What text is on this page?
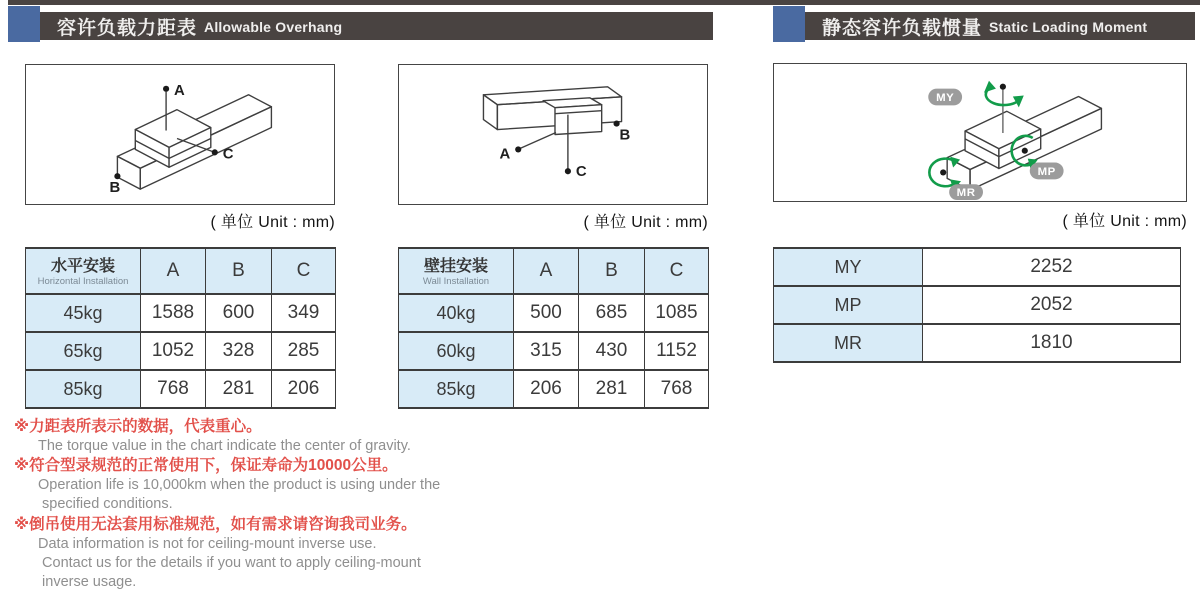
容许负载力距表 Allowable Overhang
A
B
C
( 单位 Unit : mm)
A
B
C
( 单位 Unit : mm)
水平安装
Horizontal Installation	A	B	C
45kg	1588	600	349
65kg	1052	328	285
85kg	768	281	206
壁挂安装
Wall Installation	A	B	C
40kg	500	685	1085
60kg	315	430	1152
85kg	206	281	768
※力距表所表示的数据，代表重心。
The torque value in the chart indicate the center of gravity.
※符合型录规范的正常使用下，保证寿命为10000公里。
Operation life is 10,000km when the product is using under the
specified conditions.
※倒吊使用无法套用标准规范，如有需求请咨询我司业务。
Data information is not for ceiling-mount inverse use.
Contact us for the details if you want to apply ceiling-mount
inverse usage.
静态容许负载惯量 Static Loading Moment
MY
MP
MR
( 单位 Unit : mm)
MY	2252
MP	2052
MR	1810
